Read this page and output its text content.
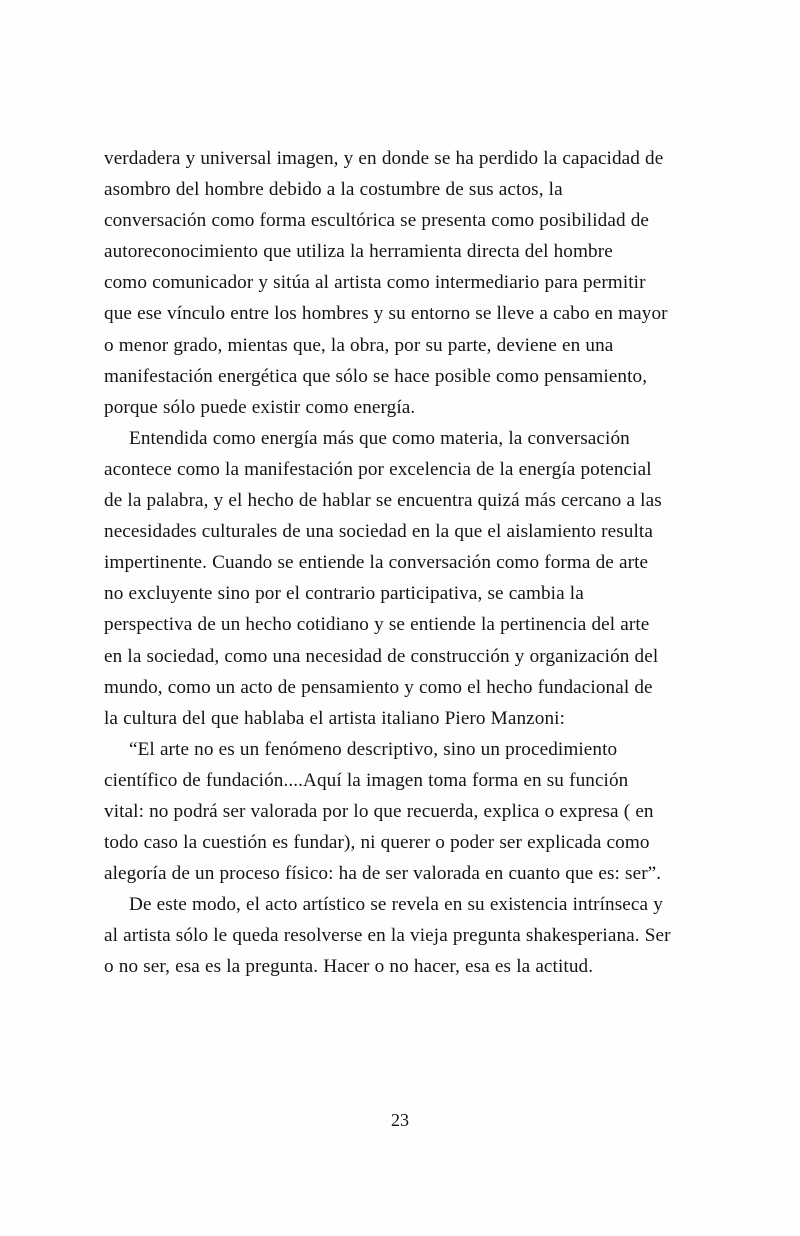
verdadera y universal imagen, y en donde se ha perdido la capacidad de
asombro del hombre debido a la costumbre de sus actos, la
conversación como forma escultórica se presenta como posibilidad de
autoreconocimiento que utiliza la herramienta directa del hombre
como comunicador y sitúa al artista como intermediario para permitir
que ese vínculo entre los hombres y su entorno se lleve a cabo en mayor
o menor grado, mientas que, la obra, por su parte, deviene en una
manifestación energética que sólo se hace posible como pensamiento,
porque sólo puede existir como energía.

Entendida como energía más que como materia, la conversación
acontece como la manifestación por excelencia de la energía potencial
de la palabra, y el hecho de hablar se encuentra quizá más cercano a las
necesidades culturales de una sociedad en la que el aislamiento resulta
impertinente. Cuando se entiende la conversación como forma de arte
no excluyente sino por el contrario participativa, se cambia la
perspectiva de un hecho cotidiano y se entiende la pertinencia del arte
en la sociedad, como una necesidad de construcción y organización del
mundo, como un acto de pensamiento y como el hecho fundacional de
la cultura del que hablaba el artista italiano Piero Manzoni:

“El arte no es un fenómeno descriptivo, sino un procedimiento
científico de fundación....Aquí la imagen toma forma en su función
vital: no podrá ser valorada por lo que recuerda, explica o expresa ( en
todo caso la cuestión es fundar), ni querer o poder ser explicada como
alegoría de un proceso físico: ha de ser valorada en cuanto que es: ser”.

De este modo, el acto artístico se revela en su existencia intrínseca y
al artista sólo le queda resolverse en la vieja pregunta shakesperiana. Ser
o no ser, esa es la pregunta. Hacer o no hacer, esa es la actitud.

23
